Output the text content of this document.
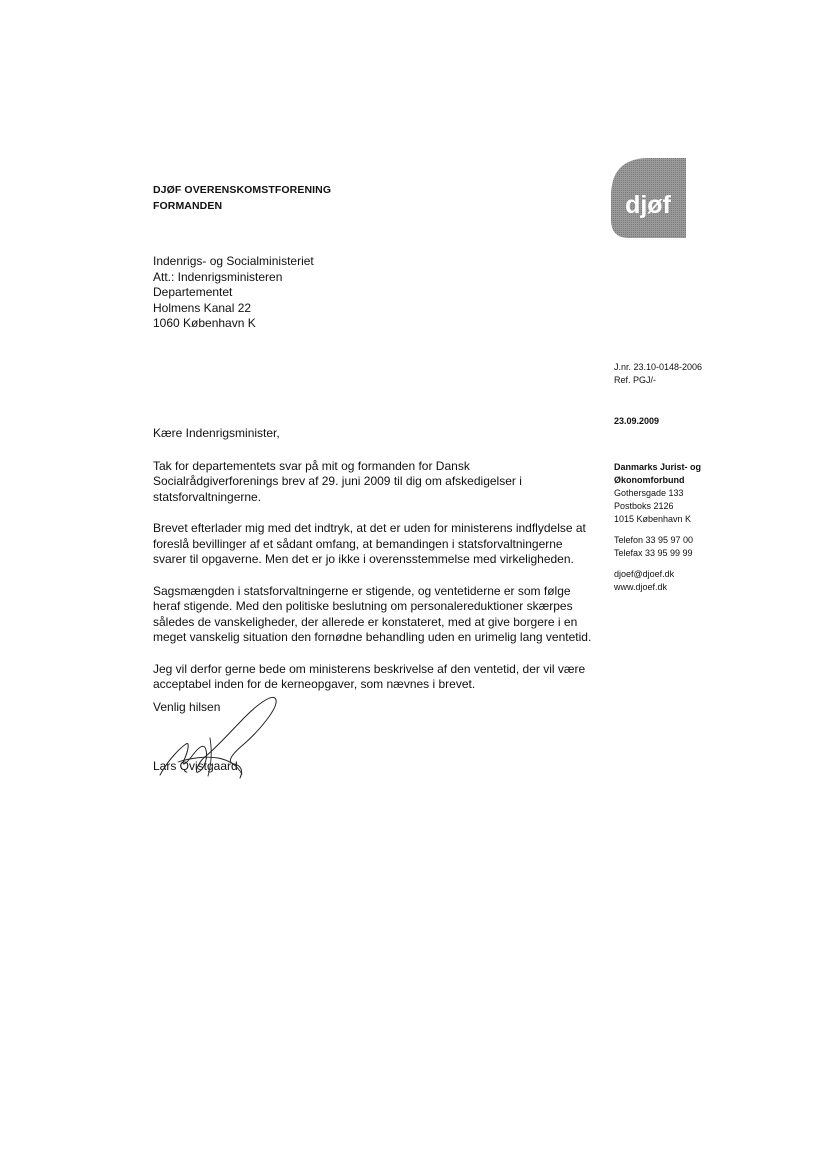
DJØF OVERENSKOMSTFORENING
FORMANDEN	djøf
Indenrigs- og Socialministeriet
Att.: Indenrigsministeren
Departementet
Holmens Kanal 22
1060 København K
J.nr. 23.10-0148-2006
Ref. PGJ/-
23.09.2009
Danmarks Jurist- og
Økonomforbund
Gothersgade 133
Postboks 2126
1015 København K
Telefon 33 95 97 00
Telefax 33 95 99 99
djoef@djoef.dk
www.djoef.dk

Kære Indenrigsminister,

Tak for departementets svar på mit og formanden for Dansk Socialrådgiverforenings brev af 29. juni 2009 til dig om afskedigelser i statsforvaltningerne.

Brevet efterlader mig med det indtryk, at det er uden for ministerens indflydelse at foreslå bevillinger af et sådant omfang, at bemandingen i statsforvaltningerne svarer til opgaverne. Men det er jo ikke i overensstemmelse med virkeligheden.

Sagsmængden i statsforvaltningerne er stigende, og ventetiderne er som følge heraf stigende. Med den politiske beslutning om personalereduktioner skærpes således de vanskeligheder, der allerede er konstateret, med at give borgere i en meget vanskelig situation den fornødne behandling uden en urimelig lang ventetid.

Jeg vil derfor gerne bede om ministerens beskrivelse af den ventetid, der vil være acceptabel inden for de kerneopgaver, som nævnes i brevet.

Venlig hilsen
Lars Qvistgaard
